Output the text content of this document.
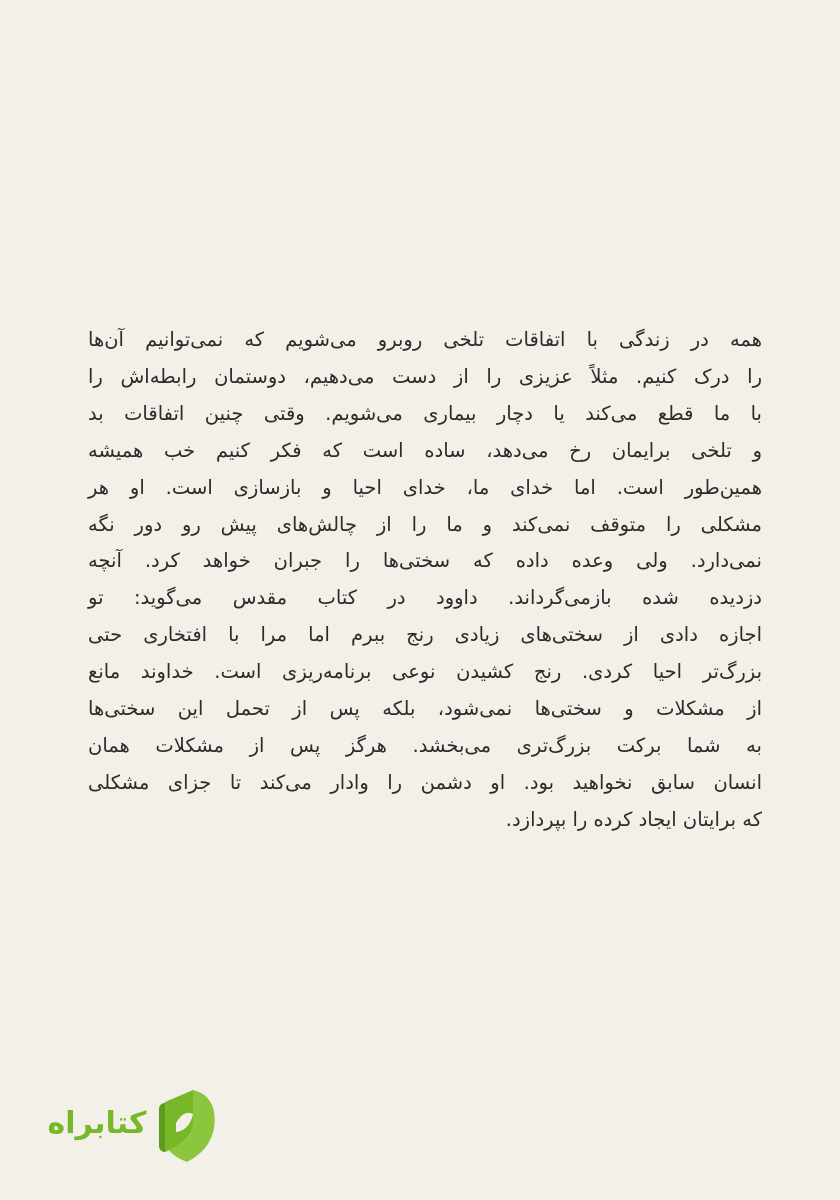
همه در زندگی با اتفاقات تلخی روبرو می‌شویم که نمی‌توانیم آن‌ها
را درک کنیم. مثلاً عزیزی را از دست می‌دهیم، دوستمان رابطه‌اش را
با ما قطع می‌کند یا دچار بیماری می‌شویم. وقتی چنین اتفاقات بد
و تلخی برایمان رخ می‌دهد، ساده است که فکر کنیم خب همیشه
همین‌طور است. اما خدای ما، خدای احیا و بازسازی است. او هر
مشکلی را متوقف نمی‌کند و ما را از چالش‌های پیش رو دور نگه
نمی‌دارد. ولی وعده داده که سختی‌ها را جبران خواهد کرد. آنچه
دزدیده شده بازمی‌گرداند. داوود در کتاب مقدس می‌گوید: تو
اجازه دادی از سختی‌های زیادی رنج ببرم اما مرا با افتخاری حتی
بزرگ‌تر احیا کردی. رنج کشیدن نوعی برنامه‌ریزی است. خداوند مانع
از مشکلات و سختی‌ها نمی‌شود، بلکه پس از تحمل این سختی‌ها
به شما برکت بزرگ‌تری می‌بخشد. هرگز پس از مشکلات همان
انسان سابق نخواهید بود. او دشمن را وادار می‌کند تا جزای مشکلی
که برایتان ایجاد کرده را بپردازد.
کتابراه
